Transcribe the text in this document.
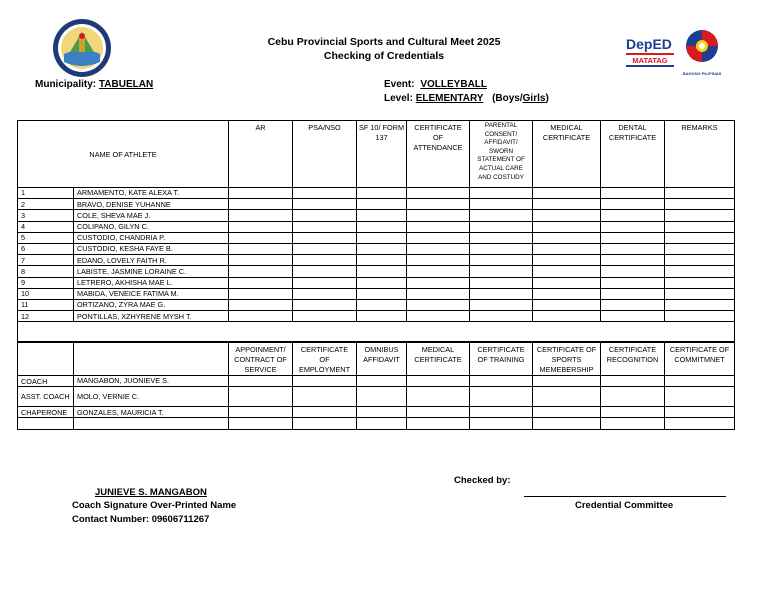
DepED
MATATAG
BAGONG PILIPINAS
Cebu Provincial Sports and Cultural Meet 2025
Checking of Credentials
Municipality: TABUELAN	Event: VOLLEYBALL
Level: ELEMENTARY (Boys/Girls)
NAME OF ATHLETE		AR	PSA/NSO	SF 10/ FORM 137	CERTIFICATE OF ATTENDANCE	PARENTAL CONSENT/ AFFIDAVIT/ SWORN STATEMENT OF ACTUAL CARE AND COSTUDY	MEDICAL CERTIFICATE	DENTAL CERTIFICATE	REMARKS
1	ARMAMENTO, KATE ALEXA T.								
2	BRAVO, DENISE YUHANNE								
3	COLE, SHEVA MAE J.								
4	COLIPANO, GILYN C.								
5	CUSTODIO, CHANDRIA P.								
6	CUSTODIO, KESHA FAYE B.								
7	EDANO, LOVELY FAITH R.								
8	LABISTE, JASMINE LORAINE C.								
9	LETRERO, AKHISHA MAE L.								
10	MABIDA, VENEICE FATIMA M.								
11	ORTIZANO, ZYRA MAE G.								
12	PONTILLAS, XZHYRENE MYSH T.								

		APPOINMENT/ CONTRACT OF SERVICE	CERTIFICATE OF EMPLOYMENT	OMNIBUS AFFIDAVIT	MEDICAL CERTIFICATE	CERTIFICATE OF TRAINING	CERTIFICATE OF SPORTS MEMEBERSHIP	CERTIFICATE RECOGNITION	CERTIFICATE OF COMMITMNET
COACH	MANGABON, JUONIEVE S.								
ASST. COACH	MOLO, VERNIE C.								
CHAPERONE	GONZALES, MAURICIA T.								

Checked by:
JUNIEVE S. MANGABON
Coach Signature Over-Printed Name
Contact Number: 09606711267
Credential Committee
